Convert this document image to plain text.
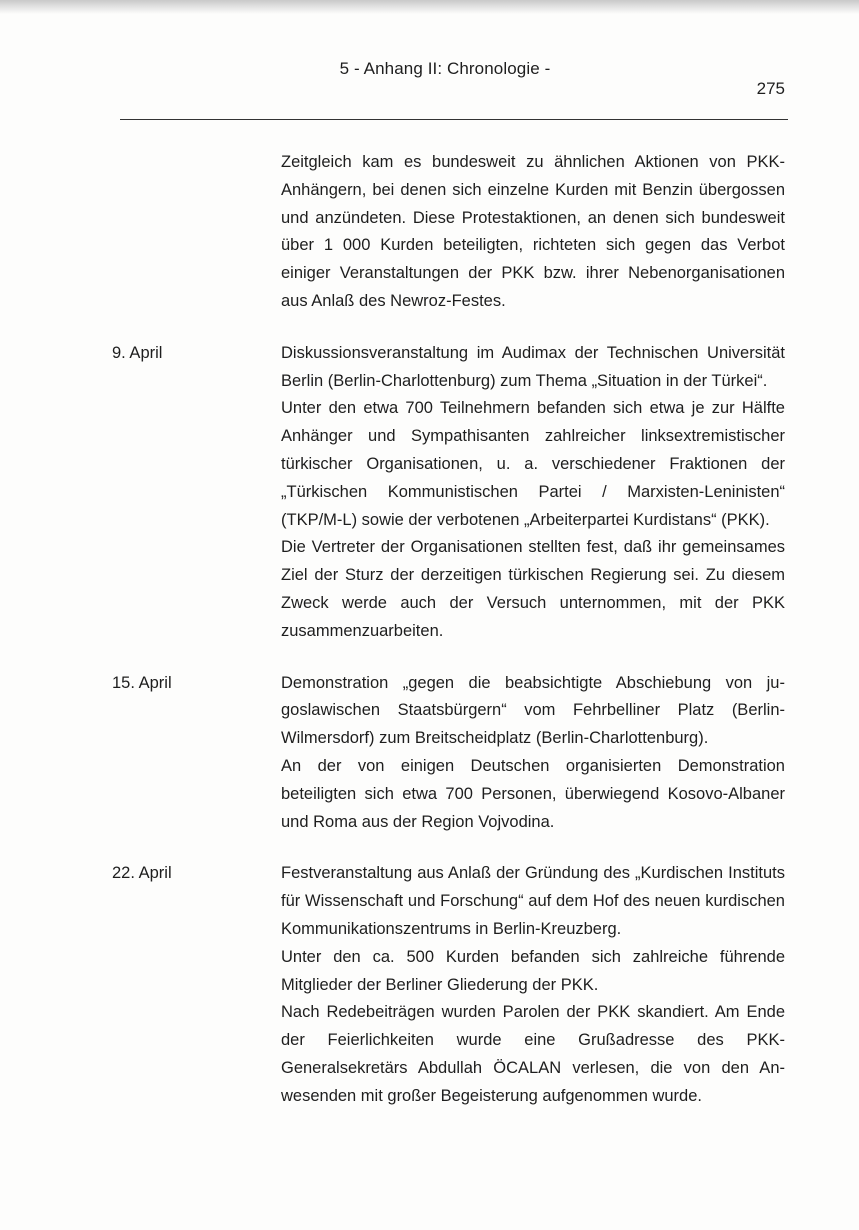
5 - Anhang II: Chronologie -
275

Zeitgleich kam es bundesweit zu ähnlichen Aktionen von PKK-Anhängern, bei denen sich einzelne Kurden mit Benzin übergossen und anzündeten. Diese Protestaktionen, an denen sich bundesweit über 1 000 Kurden beteiligten, richteten sich gegen das Verbot einiger Veranstaltungen der PKK bzw. ihrer Nebenorganisationen aus Anlaß des Newroz-Festes.

9. April	Diskussionsveranstaltung im Audimax der Technischen Universität Berlin (Berlin-Charlottenburg) zum Thema „Situation in der Türkei“.

Unter den etwa 700 Teilnehmern befanden sich etwa je zur Hälfte Anhänger und Sympathisanten zahlreicher linksextremistischer türkischer Organisationen, u. a. verschiedener Fraktionen der „Türkischen Kommunistischen Partei / Marxisten-Leninisten“ (TKP/M-L) sowie der verbotenen „Arbeiterpartei Kurdistans“ (PKK).

Die Vertreter der Organisationen stellten fest, daß ihr gemeinsames Ziel der Sturz der derzeitigen türkischen Regierung sei. Zu diesem Zweck werde auch der Versuch unternommen, mit der PKK zusammenzuarbeiten.

15. April	Demonstration „gegen die beabsichtigte Abschiebung von jugoslawischen Staatsbürgern“ vom Fehrbelliner Platz (Berlin-Wilmersdorf) zum Breitscheidplatz (Berlin-Charlottenburg).

An der von einigen Deutschen organisierten Demonstration beteiligten sich etwa 700 Personen, überwiegend Kosovo-Albaner und Roma aus der Region Vojvodina.

22. April	Festveranstaltung aus Anlaß der Gründung des „Kurdischen Instituts für Wissenschaft und Forschung“ auf dem Hof des neuen kurdischen Kommunikationszentrums in Berlin-Kreuzberg.

Unter den ca. 500 Kurden befanden sich zahlreiche führende Mitglieder der Berliner Gliederung der PKK.

Nach Redebeiträgen wurden Parolen der PKK skandiert. Am Ende der Feierlichkeiten wurde eine Grußadresse des PKK-Generalsekretärs Abdullah ÖCALAN verlesen, die von den Anwesenden mit großer Begeisterung aufgenommen wurde.
